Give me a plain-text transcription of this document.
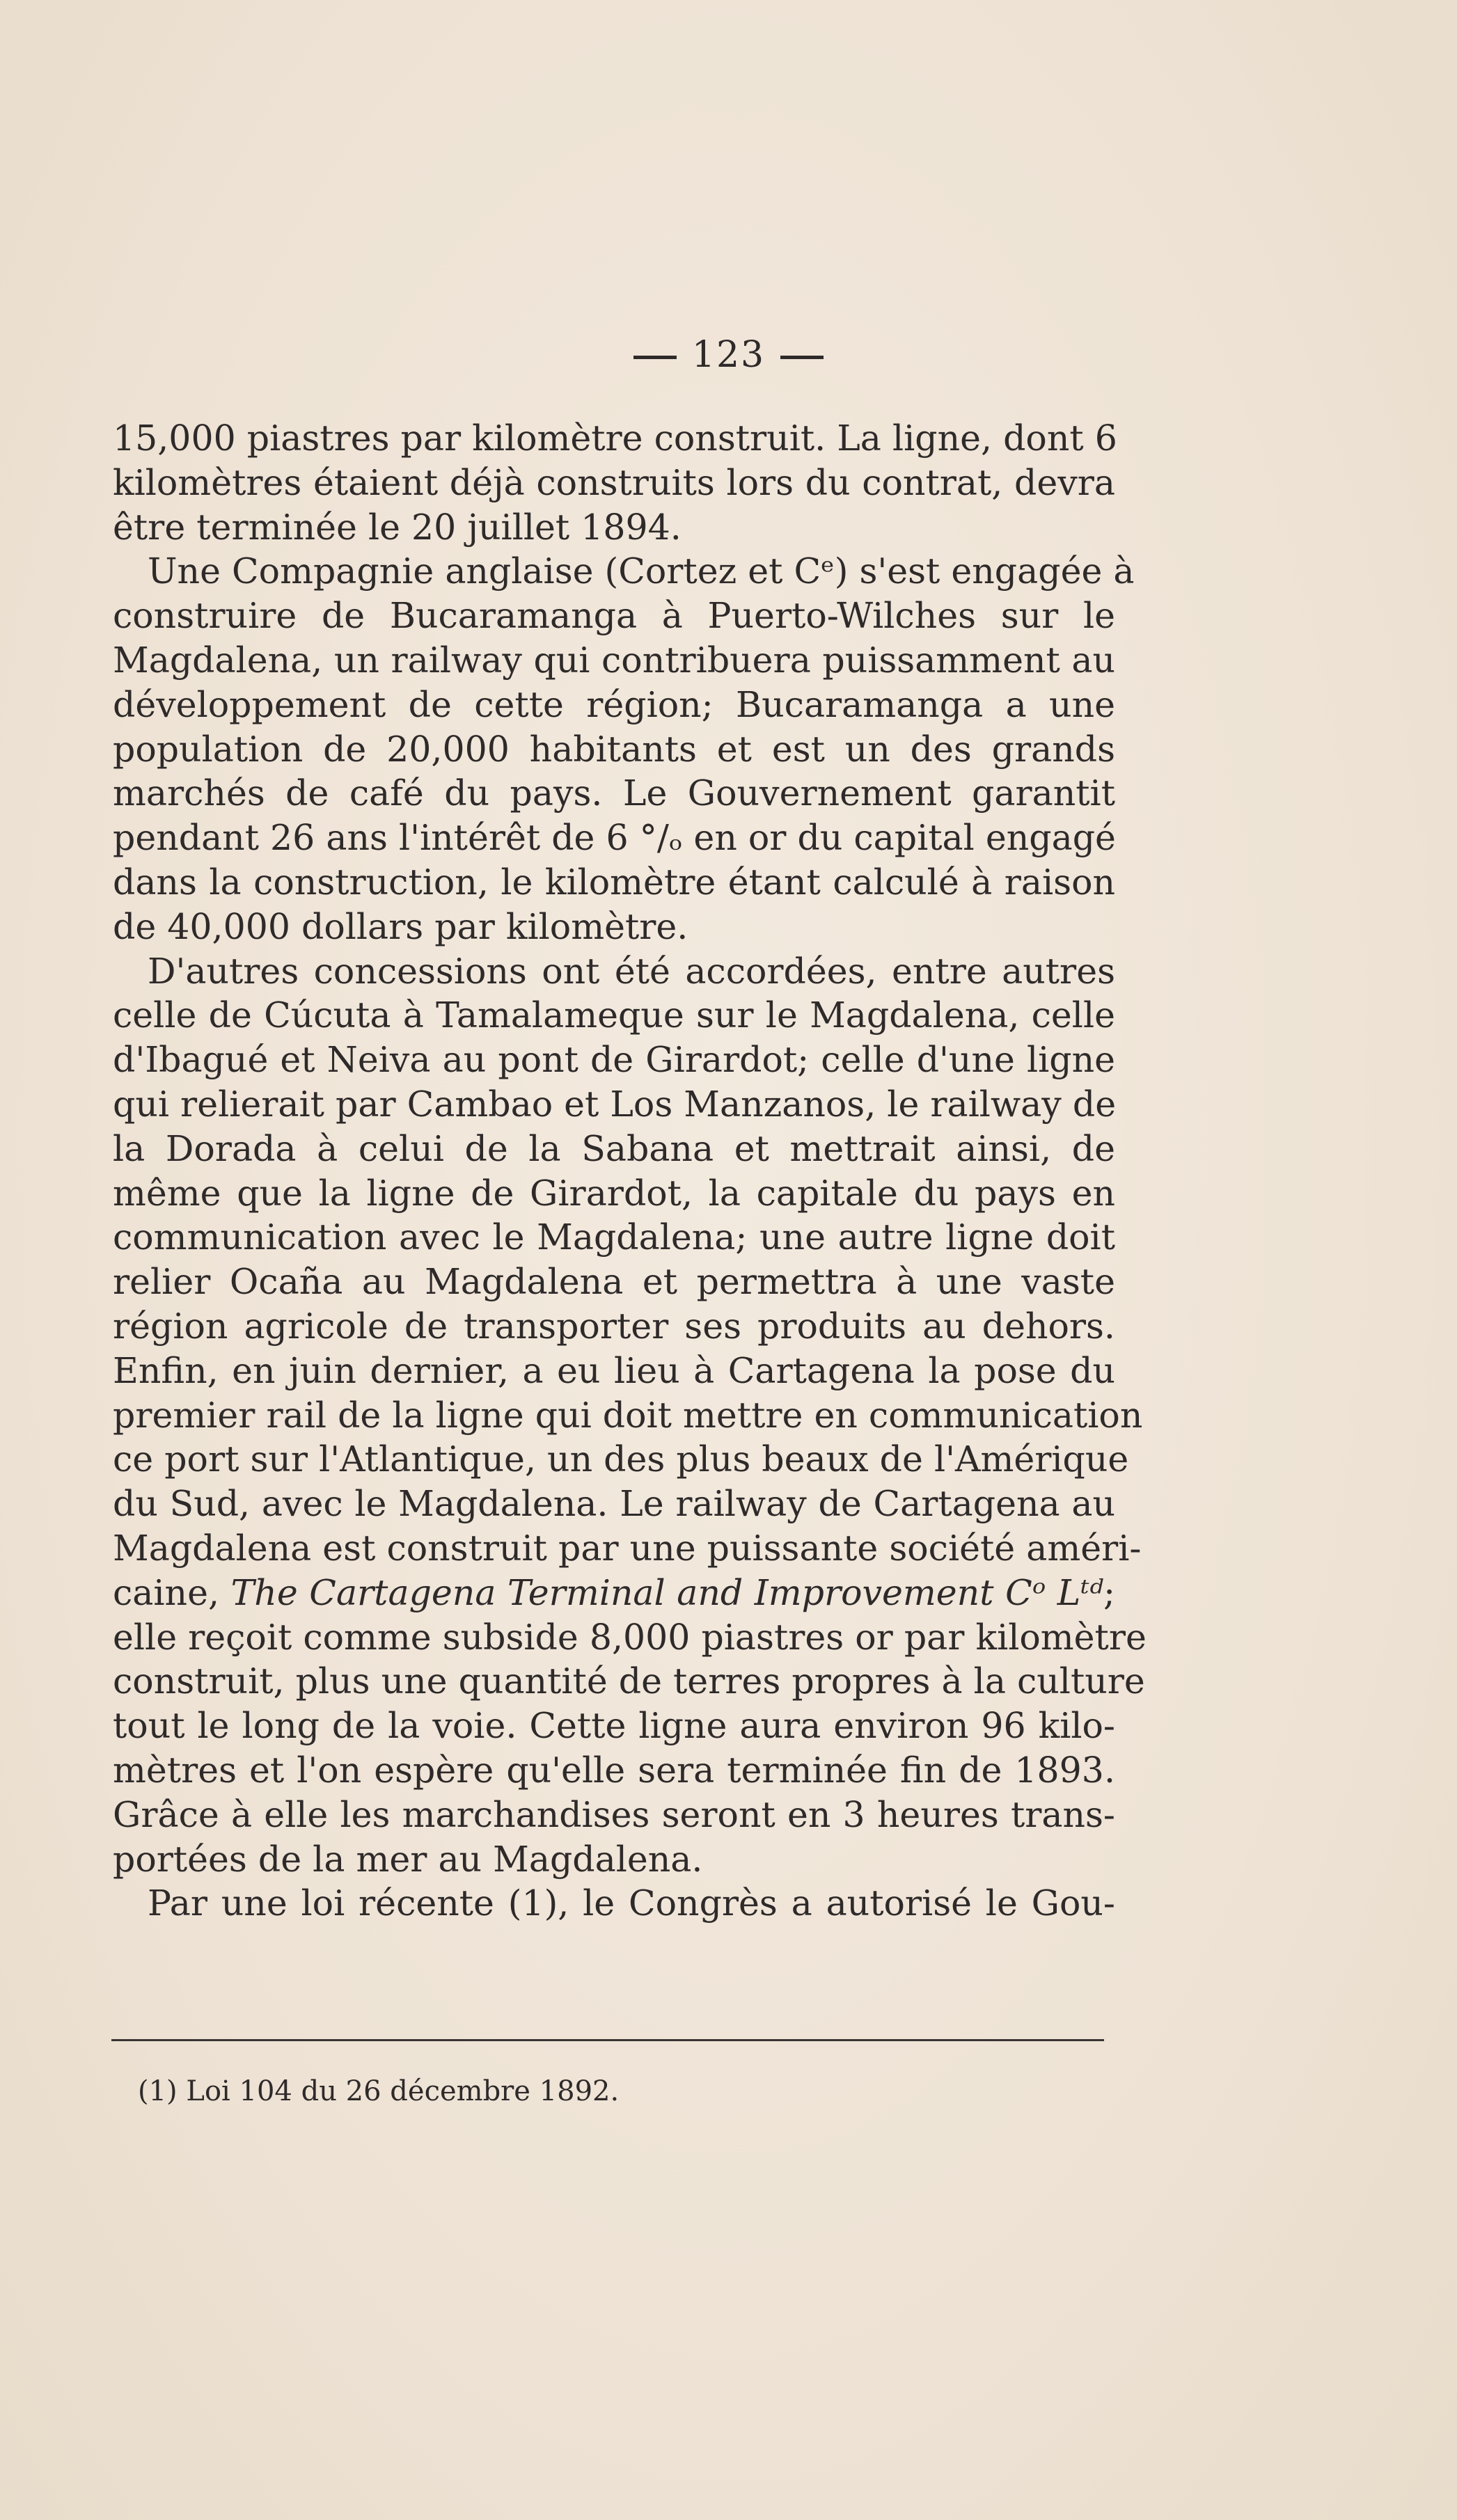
123
15,000 piastres par kilomètre construit. La ligne, dont 6
kilomètres étaient déjà construits lors du contrat, devra
être terminée le 20 juillet 1894.
Une Compagnie anglaise (Cortez et Cᵉ) s'est engagée à
construire de Bucaramanga à Puerto-Wilches sur le
Magdalena, un railway qui contribuera puissamment au
développement de cette région; Bucaramanga a une
population de 20,000 habitants et est un des grands
marchés de café du pays. Le Gouvernement garantit
pendant 26 ans l'intérêt de 6 °/ₒ en or du capital engagé
dans la construction, le kilomètre étant calculé à raison
de 40,000 dollars par kilomètre.
D'autres concessions ont été accordées, entre autres
celle de Cúcuta à Tamalameque sur le Magdalena, celle
d'Ibagué et Neiva au pont de Girardot; celle d'une ligne
qui relierait par Cambao et Los Manzanos, le railway de
la Dorada à celui de la Sabana et mettrait ainsi, de
même que la ligne de Girardot, la capitale du pays en
communication avec le Magdalena; une autre ligne doit
relier Ocaña au Magdalena et permettra à une vaste
région agricole de transporter ses produits au dehors.
Enfin, en juin dernier, a eu lieu à Cartagena la pose du
premier rail de la ligne qui doit mettre en communication
ce port sur l'Atlantique, un des plus beaux de l'Amérique
du Sud, avec le Magdalena. Le railway de Cartagena au
Magdalena est construit par une puissante société améri-
caine, The Cartagena Terminal and Improvement Cᵒ Lᵗᵈ;
elle reçoit comme subside 8,000 piastres or par kilomètre
construit, plus une quantité de terres propres à la culture
tout le long de la voie. Cette ligne aura environ 96 kilo-
mètres et l'on espère qu'elle sera terminée fin de 1893.
Grâce à elle les marchandises seront en 3 heures trans-
portées de la mer au Magdalena.
Par une loi récente (1), le Congrès a autorisé le Gou-
(1) Loi 104 du 26 décembre 1892.
